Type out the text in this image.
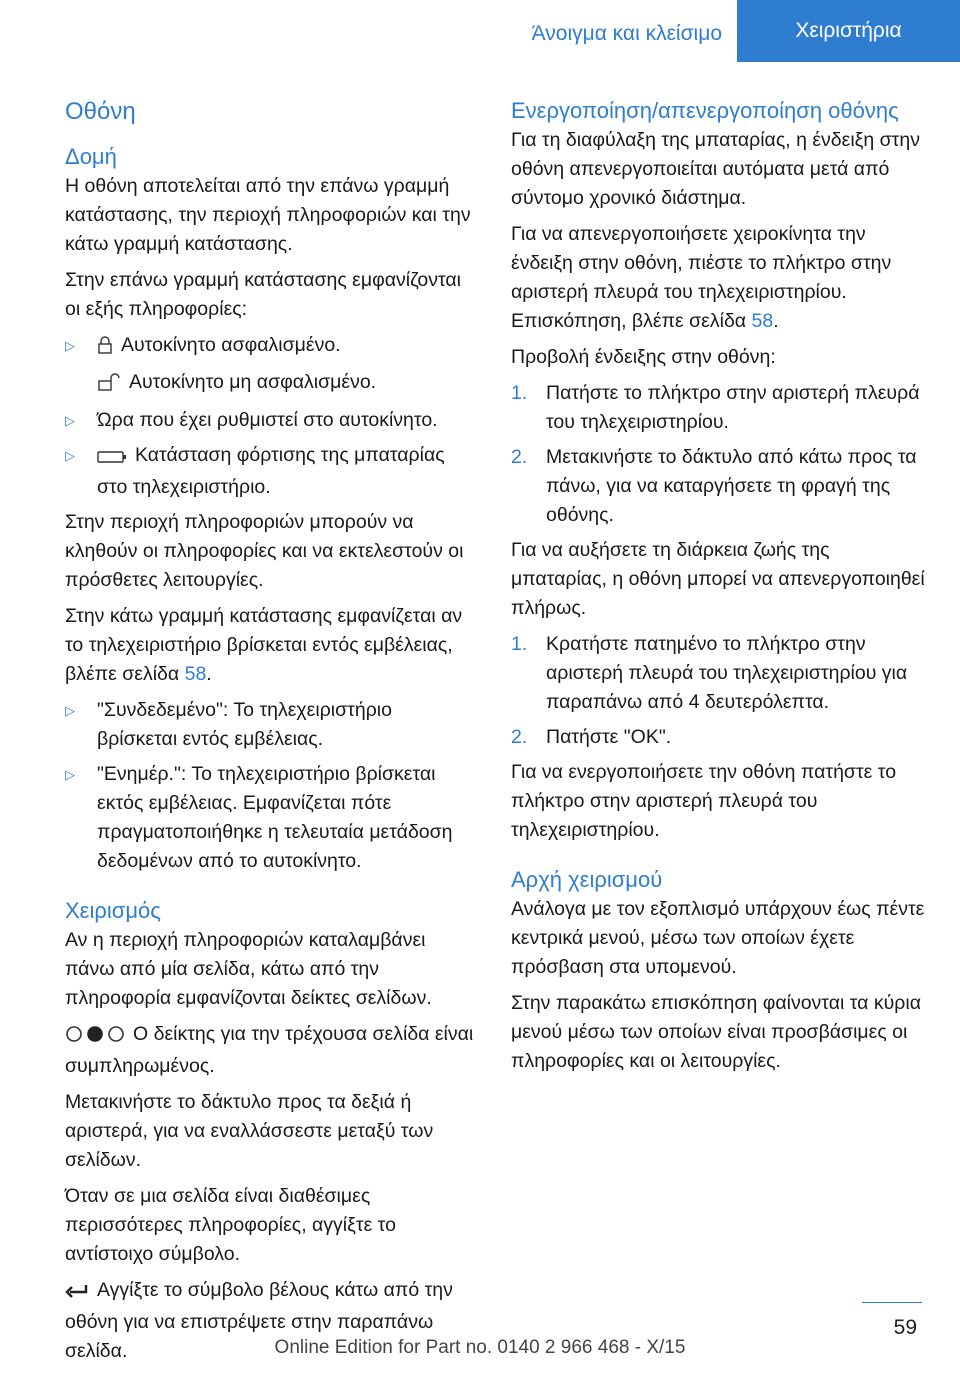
Άνοιγμα και κλείσιμο	Χειριστήρια
Οθόνη
Δομή

Η οθόνη αποτελείται από την επάνω γραμμή κατάστασης, την περιοχή πληροφοριών και την κάτω γραμμή κατάστασης.

Στην επάνω γραμμή κατάστασης εμφανίζονται οι εξής πληροφορίες:

▷ Αυτοκίνητο ασφαλισμένο.
Αυτοκίνητο μη ασφαλισμένο.
▷ Ώρα που έχει ρυθμιστεί στο αυτοκίνητο.
▷	Κατάσταση φόρτισης της μπαταρίας στο τηλεχειριστήριο.

Στην περιοχή πληροφοριών μπορούν να κληθούν οι πληροφορίες και να εκτελεστούν οι πρόσθετες λειτουργίες.

Στην κάτω γραμμή κατάστασης εμφανίζεται αν το τηλεχειριστήριο βρίσκεται εντός εμβέλειας, βλέπε σελίδα 58.

▷ "Συνδεδεμένο": Το τηλεχειριστήριο βρίσκεται εντός εμβέλειας.
▷ "Ενημέρ.": Το τηλεχειριστήριο βρίσκεται εκτός εμβέλειας. Εμφανίζεται πότε πραγματοποιήθηκε η τελευταία μετάδοση δεδομένων από το αυτοκίνητο.
Χειρισμός

Αν η περιοχή πληροφοριών καταλαμβάνει πάνω από μία σελίδα, κάτω από την πληροφορία εμφανίζονται δείκτες σελίδων.

Ο δείκτης για την τρέχουσα σελίδα είναι συμπληρωμένος.

Μετακινήστε το δάκτυλο προς τα δεξιά ή αριστερά, για να εναλλάσσεστε μεταξύ των σελίδων.

Όταν σε μια σελίδα είναι διαθέσιμες περισσότερες πληροφορίες, αγγίξτε το αντίστοιχο σύμβολο.

Αγγίξτε το σύμβολο βέλους κάτω από την οθόνη για να επιστρέψετε στην παραπάνω σελίδα.

Ενεργοποίηση/απενεργοποίηση οθόνης

Για τη διαφύλαξη της μπαταρίας, η ένδειξη στην οθόνη απενεργοποιείται αυτόματα μετά από σύντομο χρονικό διάστημα.

Για να απενεργοποιήσετε χειροκίνητα την ένδειξη στην οθόνη, πιέστε το πλήκτρο στην αριστερή πλευρά του τηλεχειριστηρίου. Επισκόπηση, βλέπε σελίδα 58.

Προβολή ένδειξης στην οθόνη:

1. Πατήστε το πλήκτρο στην αριστερή πλευρά του τηλεχειριστηρίου.
2. Μετακινήστε το δάκτυλο από κάτω προς τα πάνω, για να καταργήσετε τη φραγή της οθόνης.

Για να αυξήσετε τη διάρκεια ζωής της μπαταρίας, η οθόνη μπορεί να απενεργοποιηθεί πλήρως.

1. Κρατήστε πατημένο το πλήκτρο στην αριστερή πλευρά του τηλεχειριστηρίου για παραπάνω από 4 δευτερόλεπτα.
2. Πατήστε "OK".

Για να ενεργοποιήσετε την οθόνη πατήστε το πλήκτρο στην αριστερή πλευρά του τηλεχειριστηρίου.

Αρχή χειρισμού

Ανάλογα με τον εξοπλισμό υπάρχουν έως πέντε κεντρικά μενού, μέσω των οποίων έχετε πρόσβαση στα υπομενού.

Στην παρακάτω επισκόπηση φαίνονται τα κύρια μενού μέσω των οποίων είναι προσβάσιμες οι πληροφορίες και οι λειτουργίες.

59
Online Edition for Part no. 0140 2 966 468 - X/15
